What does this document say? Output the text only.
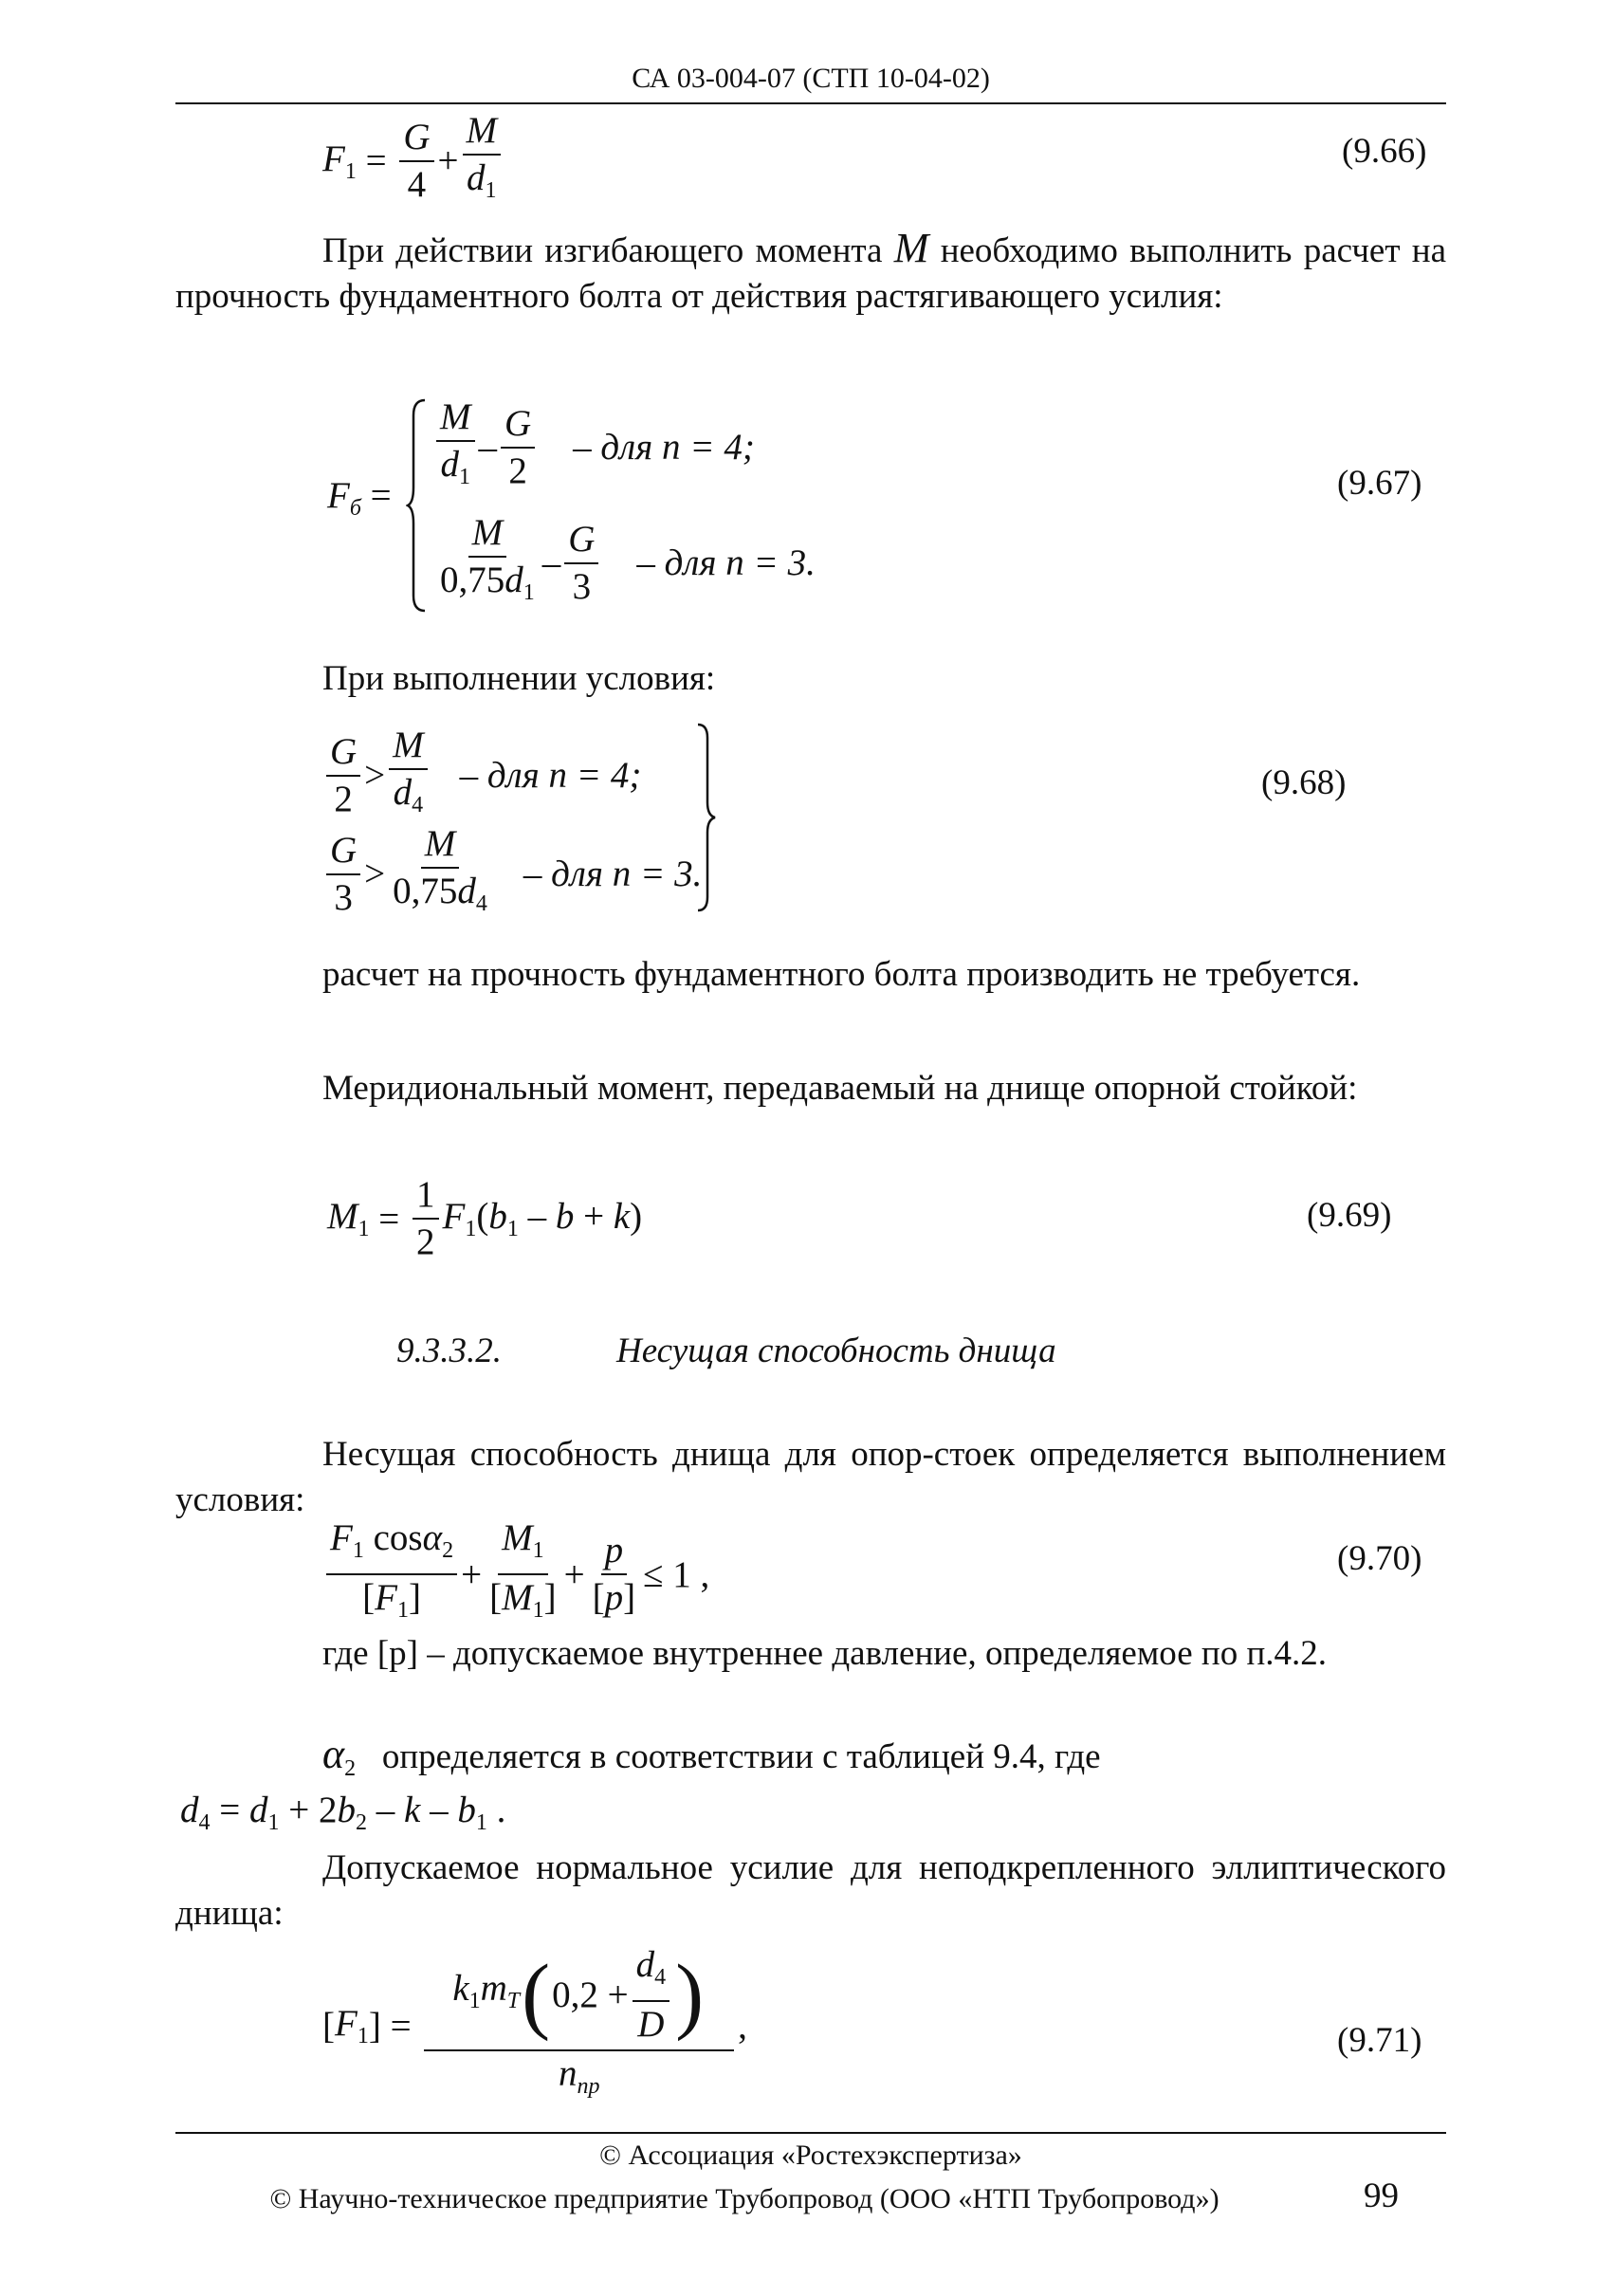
СА 03-004-07 (СТП 10-04-02)
$F_1 = \frac{G}{4} + \frac{M}{d_1}$	(9.66)
При действии изгибающего момента M необходимо выполнить расчет на прочность фундаментного болта от действия растягивающего усилия:
$F_б = \frac{M}{d_1} - \frac{G}{2}$ – для n = 4;
$\frac{M}{0,75d_1} - \frac{G}{3}$ – для n = 3.
(9.67)
При выполнении условия:
$\frac{G}{2} > \frac{M}{d_4}$ – для n = 4;
$\frac{G}{3} > \frac{M}{0,75d_4}$ – для n = 3.
(9.68)
расчет на прочность фундаментного болта производить не требуется.
Меридиональный момент, передаваемый на днище опорной стойкой:
$M_1 = \frac{1}{2} F_1(b_1 - b + k)$	(9.69)
9.3.3.2.	Несущая способность днища
Несущая способность днища для опор-стоек определяется выполнением условия:
$\frac{F_1 \cos\alpha_2}{[F_1]} + \frac{M_1}{[M_1]} + \frac{p}{[p]} \le 1$ ,	(9.70)
где [p] – допускаемое внутреннее давление, определяемое по п.4.2.
$\alpha_2$ определяется в соответствии с таблицей 9.4, где
$d_4 = d_1 + 2b_2 - k - b_1$ .
Допускаемое нормальное усилие для неподкрепленного эллиптического днища:
[ $F_1$ ] = $\frac{k_1m_T ( 0,2 + \frac{d_4}{D} )}{n_{пр}}$ ,	(9.71)
© Ассоциация «Ростехэкспертиза»
© Научно-техническое предприятие Трубопровод (ООО «НТП Трубопровод»)	99
